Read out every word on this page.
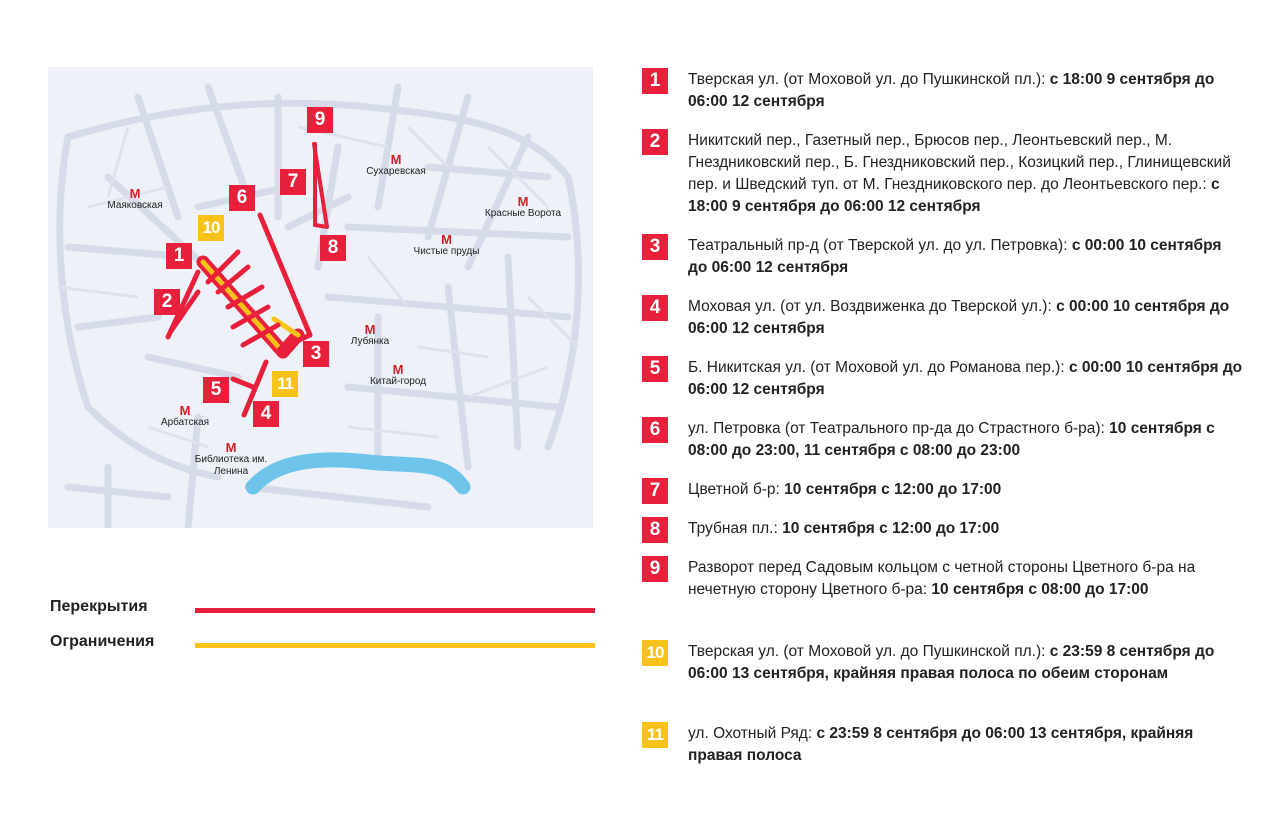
9
7
6
10
1
2
8
3
11
5
4
M
Маяковская
M
Сухаревская
M
Красные Ворота
M
Чистые пруды
M
Лубянка
M
Китай-город
M
Арбатская
M
Библиотека им. Ленина
Перекрытия
Ограничения
1	Тверская ул. (от Моховой ул. до Пушкинской пл.): с 18:00 9 сентября до 06:00 12 сентября
2	Никитский пер., Газетный пер., Брюсов пер., Леонтьевский пер., М. Гнездниковский пер., Б. Гнездниковский пер., Козицкий пер., Глинищевский пер. и Шведский туп. от М. Гнездниковского пер. до Леонтьевского пер.: с 18:00 9 сентября до 06:00 12 сентября
3	Театральный пр-д (от Тверской ул. до ул. Петровка): с 00:00 10 сентября до 06:00 12 сентября
4	Моховая ул. (от ул. Воздвиженка до Тверской ул.): с 00:00 10 сентября до 06:00 12 сентября
5	Б. Никитская ул. (от Моховой ул. до Романова пер.): с 00:00 10 сентября до 06:00 12 сентября
6	ул. Петровка (от Театрального пр-да до Страстного б-ра): 10 сентября с 08:00 до 23:00, 11 сентября с 08:00 до 23:00
7	Цветной б-р: 10 сентября с 12:00 до 17:00
8	Трубная пл.: 10 сентября с 12:00 до 17:00
9	Разворот перед Садовым кольцом с четной стороны Цветного б-ра на нечетную сторону Цветного б-ра: 10 сентября с 08:00 до 17:00
10 Тверская ул. (от Моховой ул. до Пушкинской пл.): с 23:59 8 сентября до 06:00 13 сентября, крайняя правая полоса по обеим сторонам
11	ул. Охотный Ряд: с 23:59 8 сентября до 06:00 13 сентября, крайняя правая полоса
